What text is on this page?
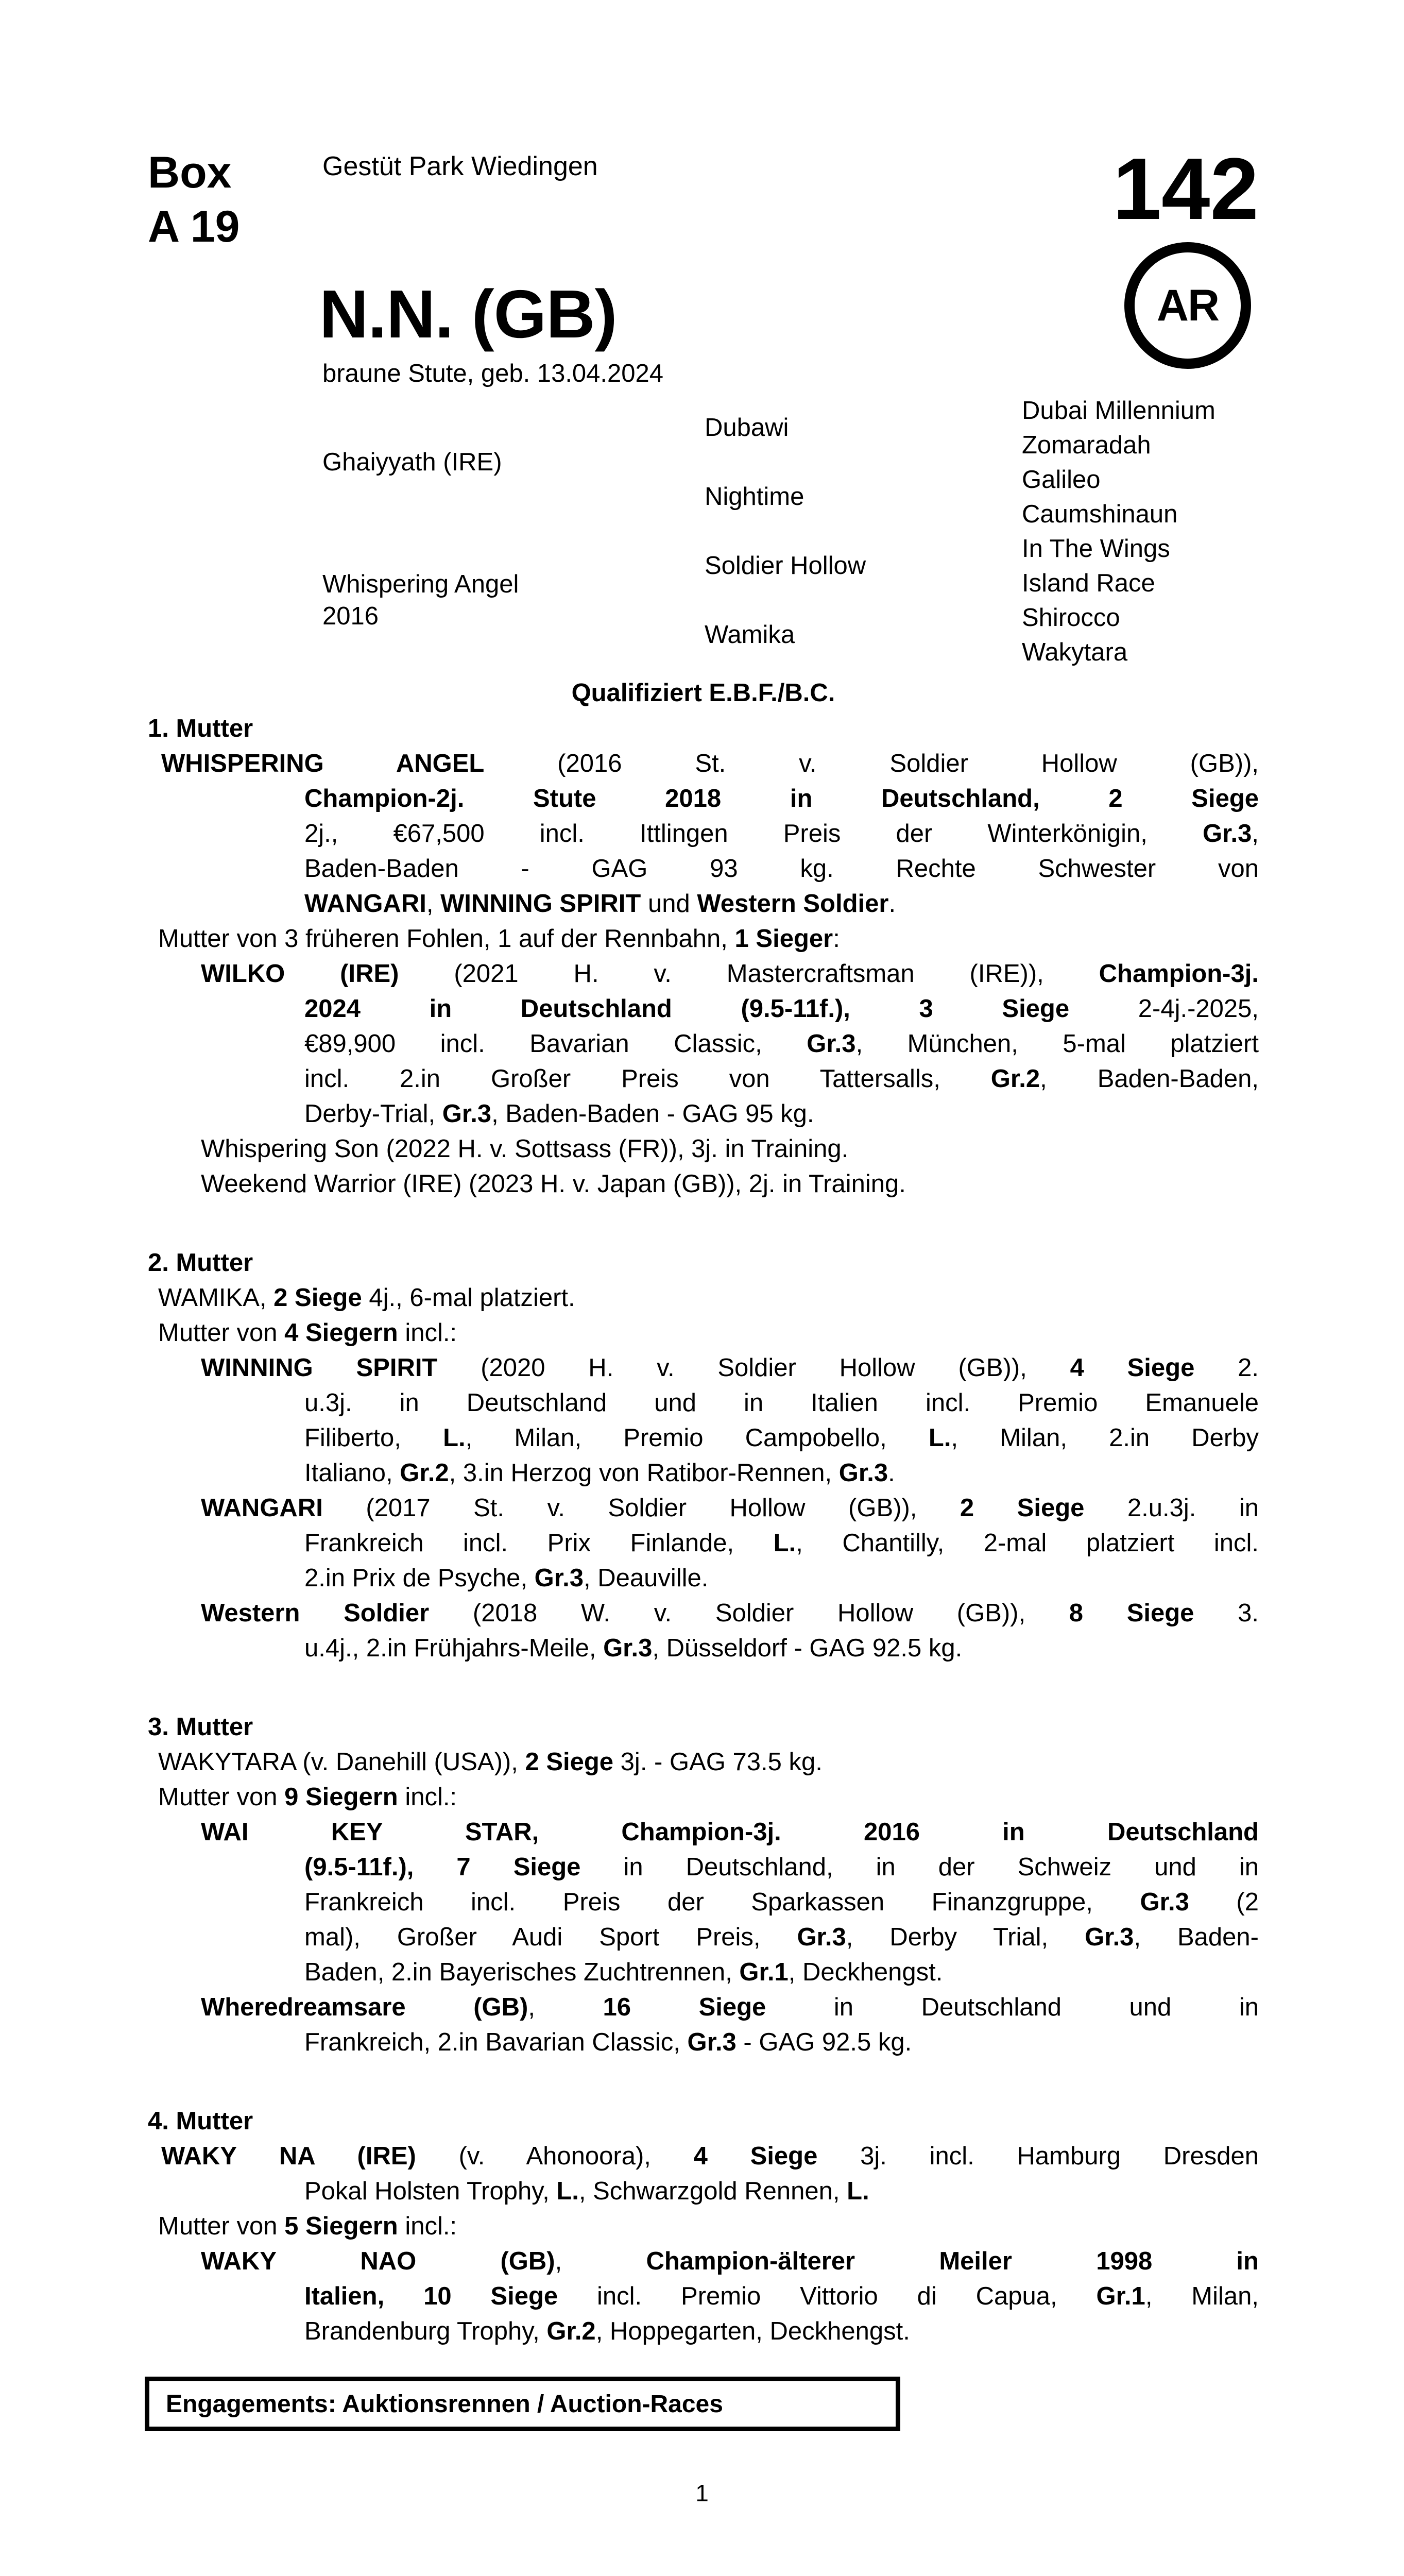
Box
A 19
Gestüt Park Wiedingen	142
AR
N.N. (GB)
braune Stute, geb. 13.04.2024
Ghaiyyath (IRE)
Whispering Angel
2016
Dubawi
Nightime
Soldier Hollow
Wamika
Dubai Millennium
Zomaradah
Galileo
Caumshinaun
In The Wings
Island Race
Shirocco
Wakytara
Qualifiziert E.B.F./B.C.
1. Mutter
WHISPERING ANGEL (2016 St. v. Soldier Hollow (GB)),
Champion-2j. Stute 2018 in Deutschland, 2 Siege
2j., €67,500 incl. Ittlingen Preis der Winterkönigin, Gr.3,
Baden-Baden - GAG 93 kg. Rechte Schwester von
WANGARI, WINNING SPIRIT und Western Soldier.
Mutter von 3 früheren Fohlen, 1 auf der Rennbahn, 1 Sieger:
WILKO (IRE) (2021 H. v. Mastercraftsman (IRE)), Champion-3j.
2024 in Deutschland (9.5-11f.), 3 Siege 2-4j.-2025,
€89,900 incl. Bavarian Classic, Gr.3, München, 5-mal platziert
incl. 2.in Großer Preis von Tattersalls, Gr.2, Baden-Baden,
Derby-Trial, Gr.3, Baden-Baden - GAG 95 kg.
Whispering Son (2022 H. v. Sottsass (FR)), 3j. in Training.
Weekend Warrior (IRE) (2023 H. v. Japan (GB)), 2j. in Training.
2. Mutter
WAMIKA, 2 Siege 4j., 6-mal platziert.
Mutter von 4 Siegern incl.:
WINNING SPIRIT (2020 H. v. Soldier Hollow (GB)), 4 Siege 2.
u.3j. in Deutschland und in Italien incl. Premio Emanuele
Filiberto, L., Milan, Premio Campobello, L., Milan, 2.in Derby
Italiano, Gr.2, 3.in Herzog von Ratibor-Rennen, Gr.3.
WANGARI (2017 St. v. Soldier Hollow (GB)), 2 Siege 2.u.3j. in
Frankreich incl. Prix Finlande, L., Chantilly, 2-mal platziert incl.
2.in Prix de Psyche, Gr.3, Deauville.
Western Soldier (2018 W. v. Soldier Hollow (GB)), 8 Siege 3.
u.4j., 2.in Frühjahrs-Meile, Gr.3, Düsseldorf - GAG 92.5 kg.
3. Mutter
WAKYTARA (v. Danehill (USA)), 2 Siege 3j. - GAG 73.5 kg.
Mutter von 9 Siegern incl.:
WAI KEY STAR, Champion-3j. 2016 in Deutschland
(9.5-11f.), 7 Siege in Deutschland, in der Schweiz und in
Frankreich incl. Preis der Sparkassen Finanzgruppe, Gr.3 (2
mal), Großer Audi Sport Preis, Gr.3, Derby Trial, Gr.3, Baden-
Baden, 2.in Bayerisches Zuchtrennen, Gr.1, Deckhengst.
Wheredreamsare (GB), 16 Siege in Deutschland und in
Frankreich, 2.in Bavarian Classic, Gr.3 - GAG 92.5 kg.
4. Mutter
WAKY NA (IRE) (v. Ahonoora), 4 Siege 3j. incl. Hamburg Dresden
Pokal Holsten Trophy, L., Schwarzgold Rennen, L.
Mutter von 5 Siegern incl.:
WAKY NAO (GB), Champion-älterer Meiler 1998 in
Italien, 10 Siege incl. Premio Vittorio di Capua, Gr.1, Milan,
Brandenburg Trophy, Gr.2, Hoppegarten, Deckhengst.
Engagements: Auktionsrennen / Auction-Races
1
